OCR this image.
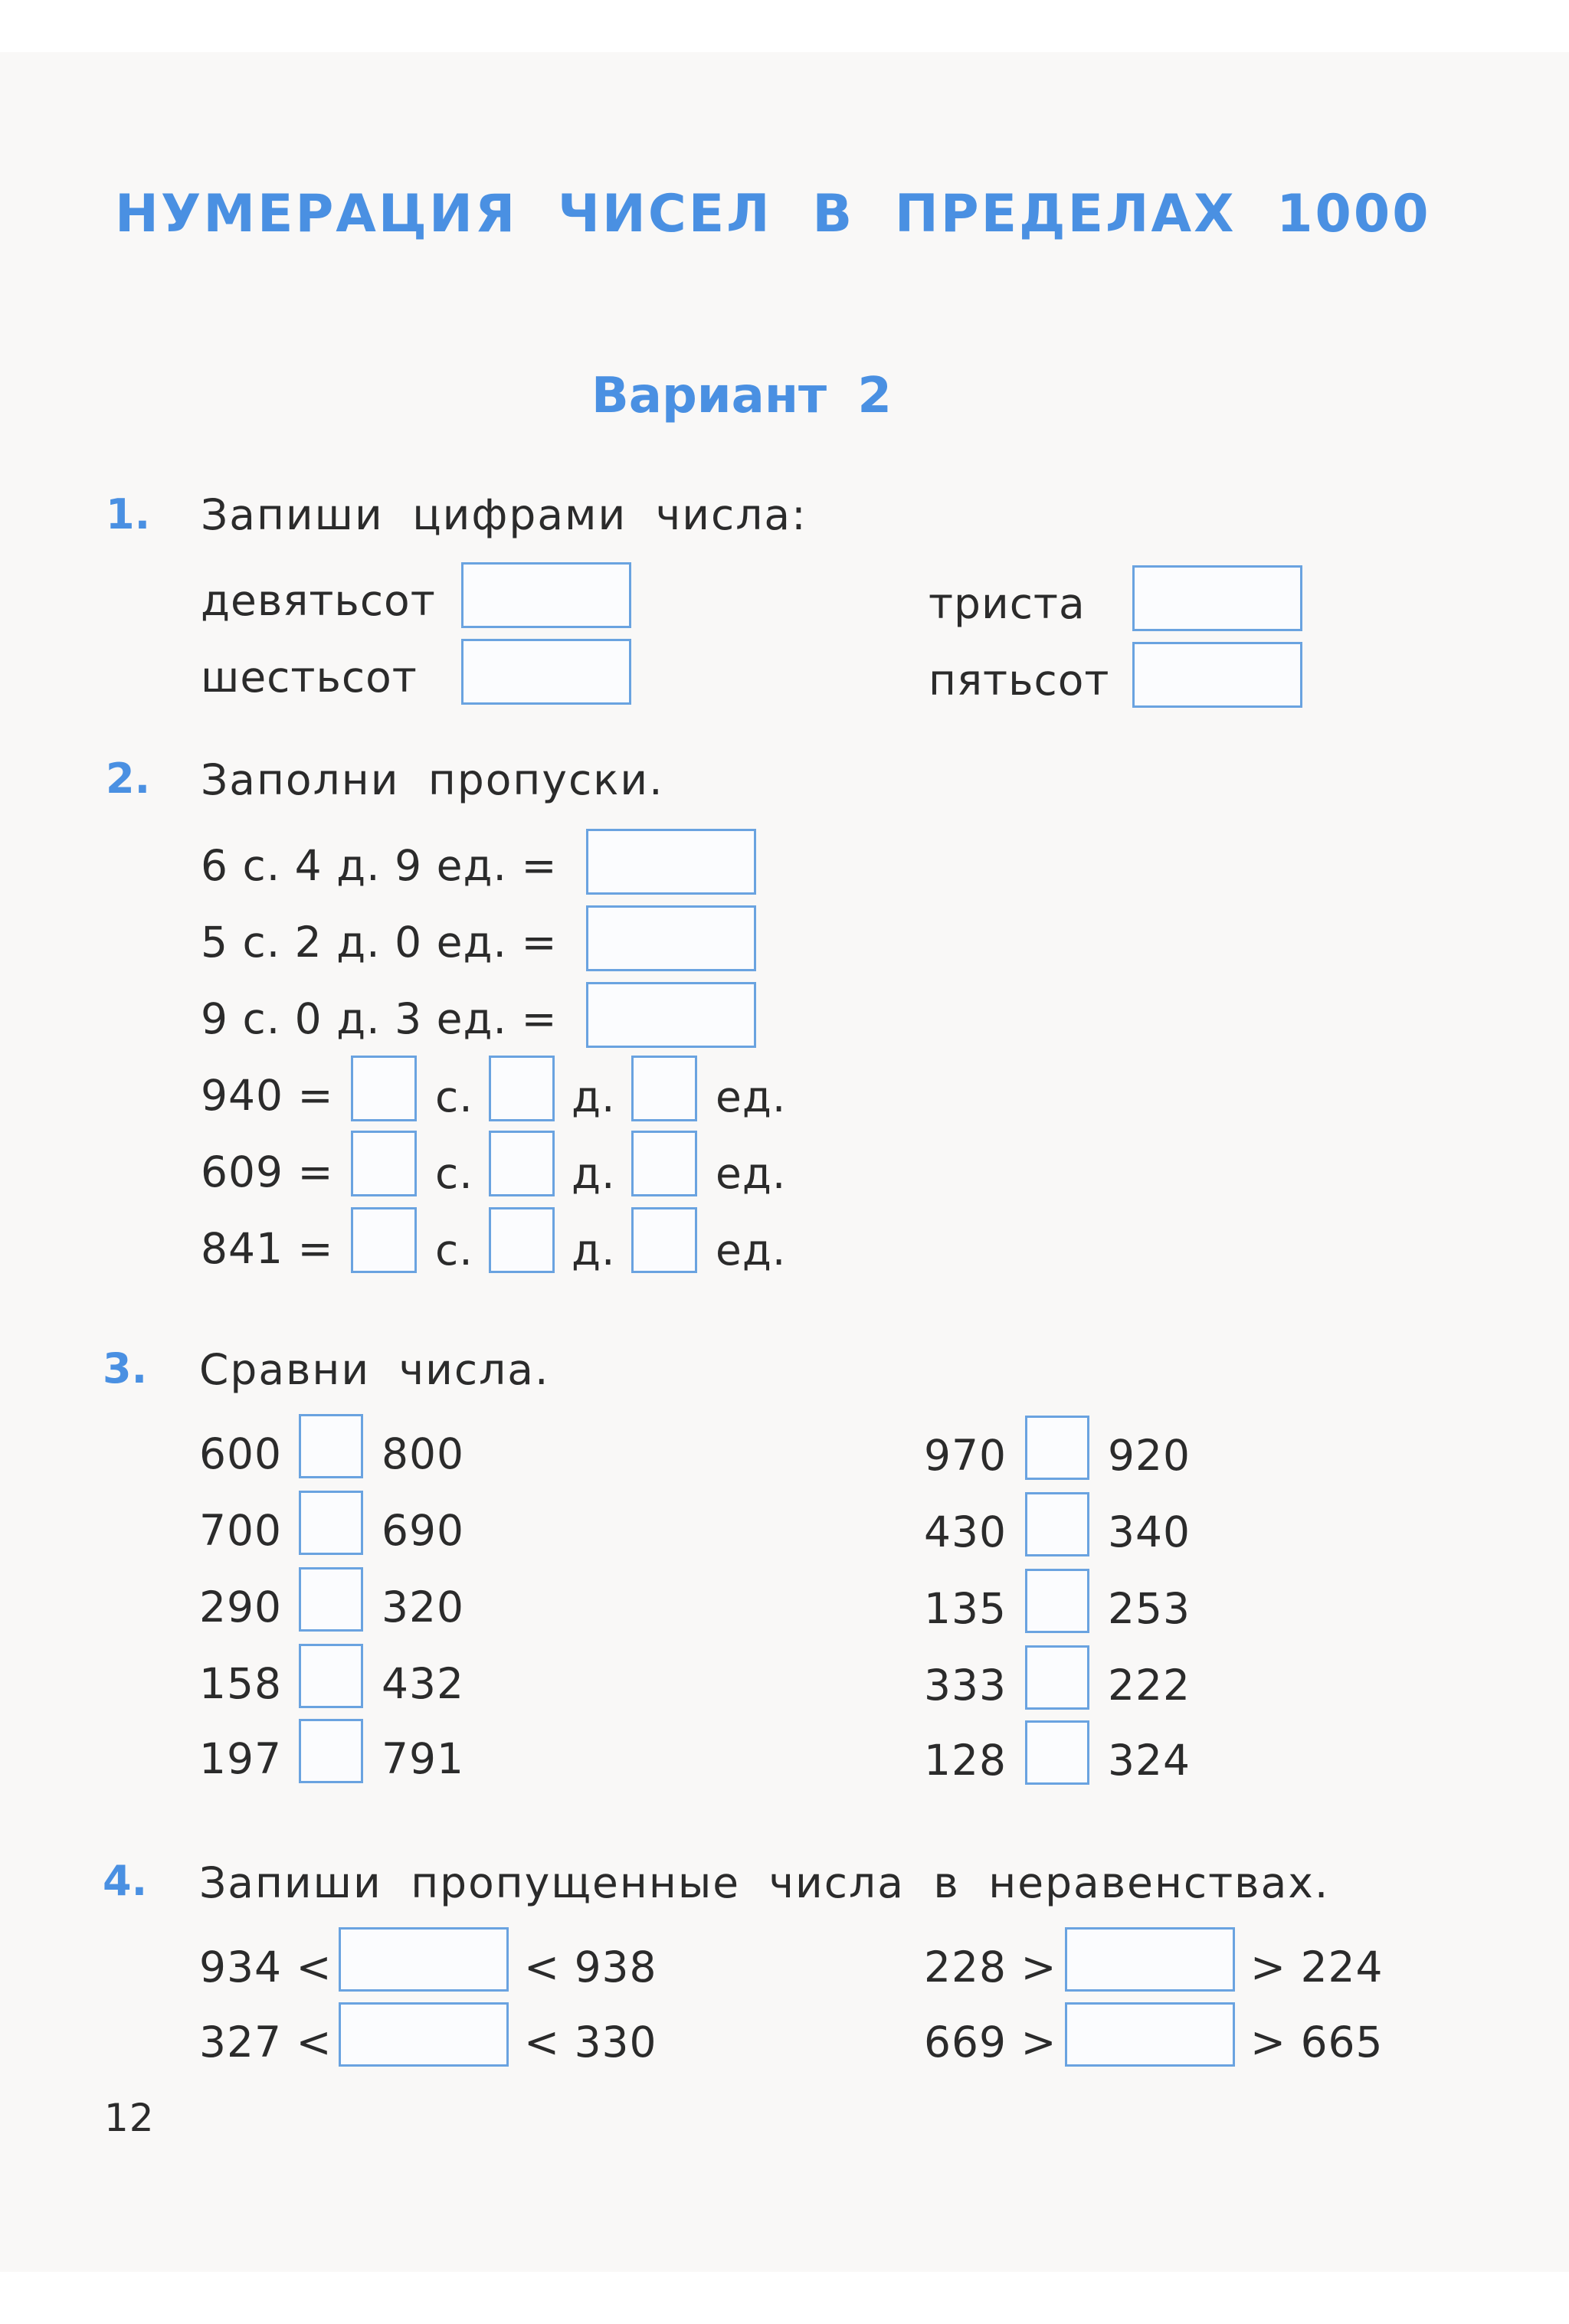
НУМЕРАЦИЯ ЧИСЕЛ В ПРЕДЕЛАХ 1000
Вариант 2
1. Запиши цифрами числа:
девятьсот
шестьсот
триста
пятьсот
2. Заполни пропуски.
6 с. 4 д. 9 ед. =
5 с. 2 д. 0 ед. =
9 с. 0 д. 3 ед. =
940 = с. д. ед.
609 = с. д. ед.
841 = с. д. ед.
3. Сравни числа.
600 800
700 690
290 320
158 432
197 791
970 920
430 340
135 253
333 222
128 324
4. Запиши пропущенные числа в неравенствах.
934 <	< 938
327 <	< 330
228 >	> 224
669 >	> 665
12
